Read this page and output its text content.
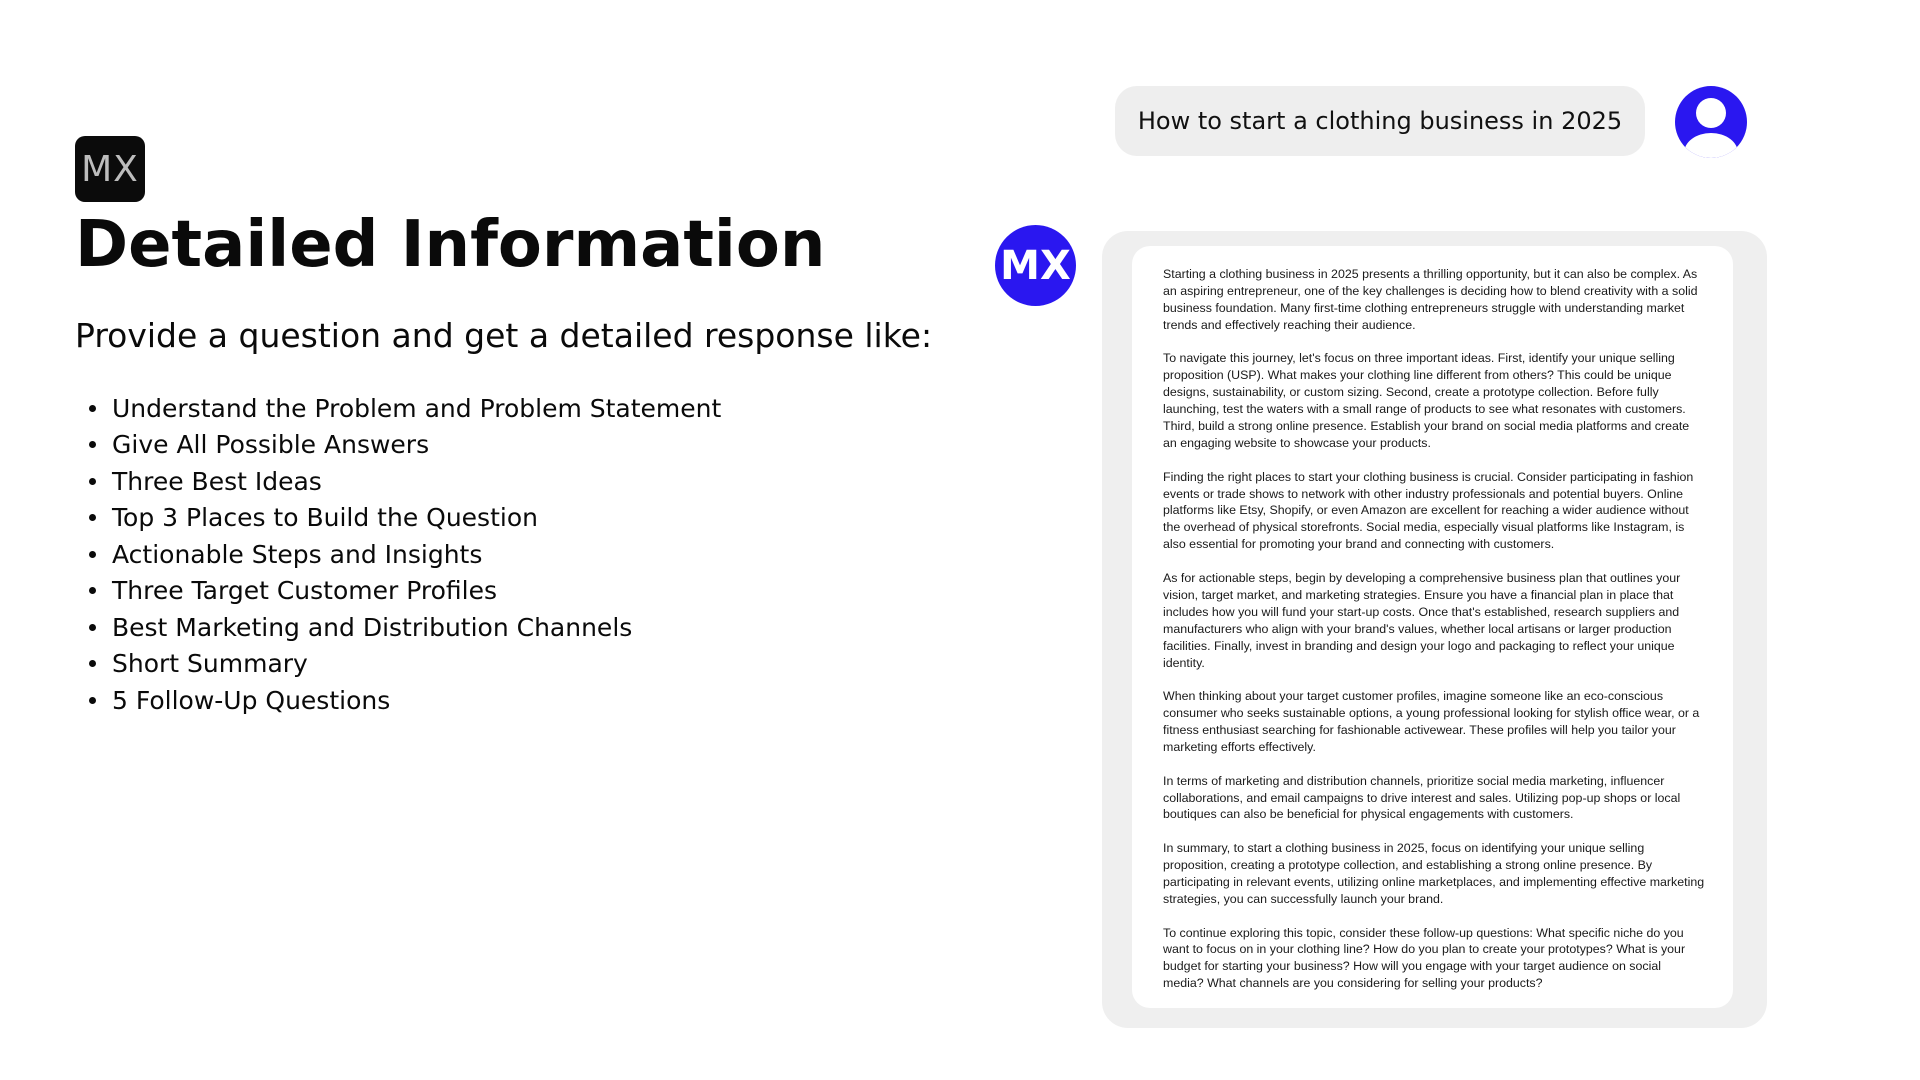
MX
Detailed Information

Provide a question and get a detailed response like:

Understand the Problem and Problem Statement
Give All Possible Answers
Three Best Ideas
Top 3 Places to Build the Question
Actionable Steps and Insights
Three Target Customer Profiles
Best Marketing and Distribution Channels
Short Summary
5 Follow-Up Questions
How to start a clothing business in 2025
MX	Starting a clothing business in 2025 presents a thrilling opportunity, but it can also be complex. As an aspiring entrepreneur, one of the key challenges is deciding how to blend creativity with a solid business foundation. Many first-time clothing entrepreneurs struggle with understanding market trends and effectively reaching their audience.

To navigate this journey, let's focus on three important ideas. First, identify your unique selling proposition (USP). What makes your clothing line different from others? This could be unique designs, sustainability, or custom sizing. Second, create a prototype collection. Before fully launching, test the waters with a small range of products to see what resonates with customers. Third, build a strong online presence. Establish your brand on social media platforms and create an engaging website to showcase your products.

Finding the right places to start your clothing business is crucial. Consider participating in fashion events or trade shows to network with other industry professionals and potential buyers. Online platforms like Etsy, Shopify, or even Amazon are excellent for reaching a wider audience without the overhead of physical storefronts. Social media, especially visual platforms like Instagram, is also essential for promoting your brand and connecting with customers.

As for actionable steps, begin by developing a comprehensive business plan that outlines your vision, target market, and marketing strategies. Ensure you have a financial plan in place that includes how you will fund your start-up costs. Once that's established, research suppliers and manufacturers who align with your brand's values, whether local artisans or larger production facilities. Finally, invest in branding and design your logo and packaging to reflect your unique identity.

When thinking about your target customer profiles, imagine someone like an eco-conscious consumer who seeks sustainable options, a young professional looking for stylish office wear, or a fitness enthusiast searching for fashionable activewear. These profiles will help you tailor your marketing efforts effectively.

In terms of marketing and distribution channels, prioritize social media marketing, influencer collaborations, and email campaigns to drive interest and sales. Utilizing pop-up shops or local boutiques can also be beneficial for physical engagements with customers.

In summary, to start a clothing business in 2025, focus on identifying your unique selling proposition, creating a prototype collection, and establishing a strong online presence. By participating in relevant events, utilizing online marketplaces, and implementing effective marketing strategies, you can successfully launch your brand.

To continue exploring this topic, consider these follow-up questions: What specific niche do you want to focus on in your clothing line? How do you plan to create your prototypes? What is your budget for starting your business? How will you engage with your target audience on social media? What channels are you considering for selling your products?
